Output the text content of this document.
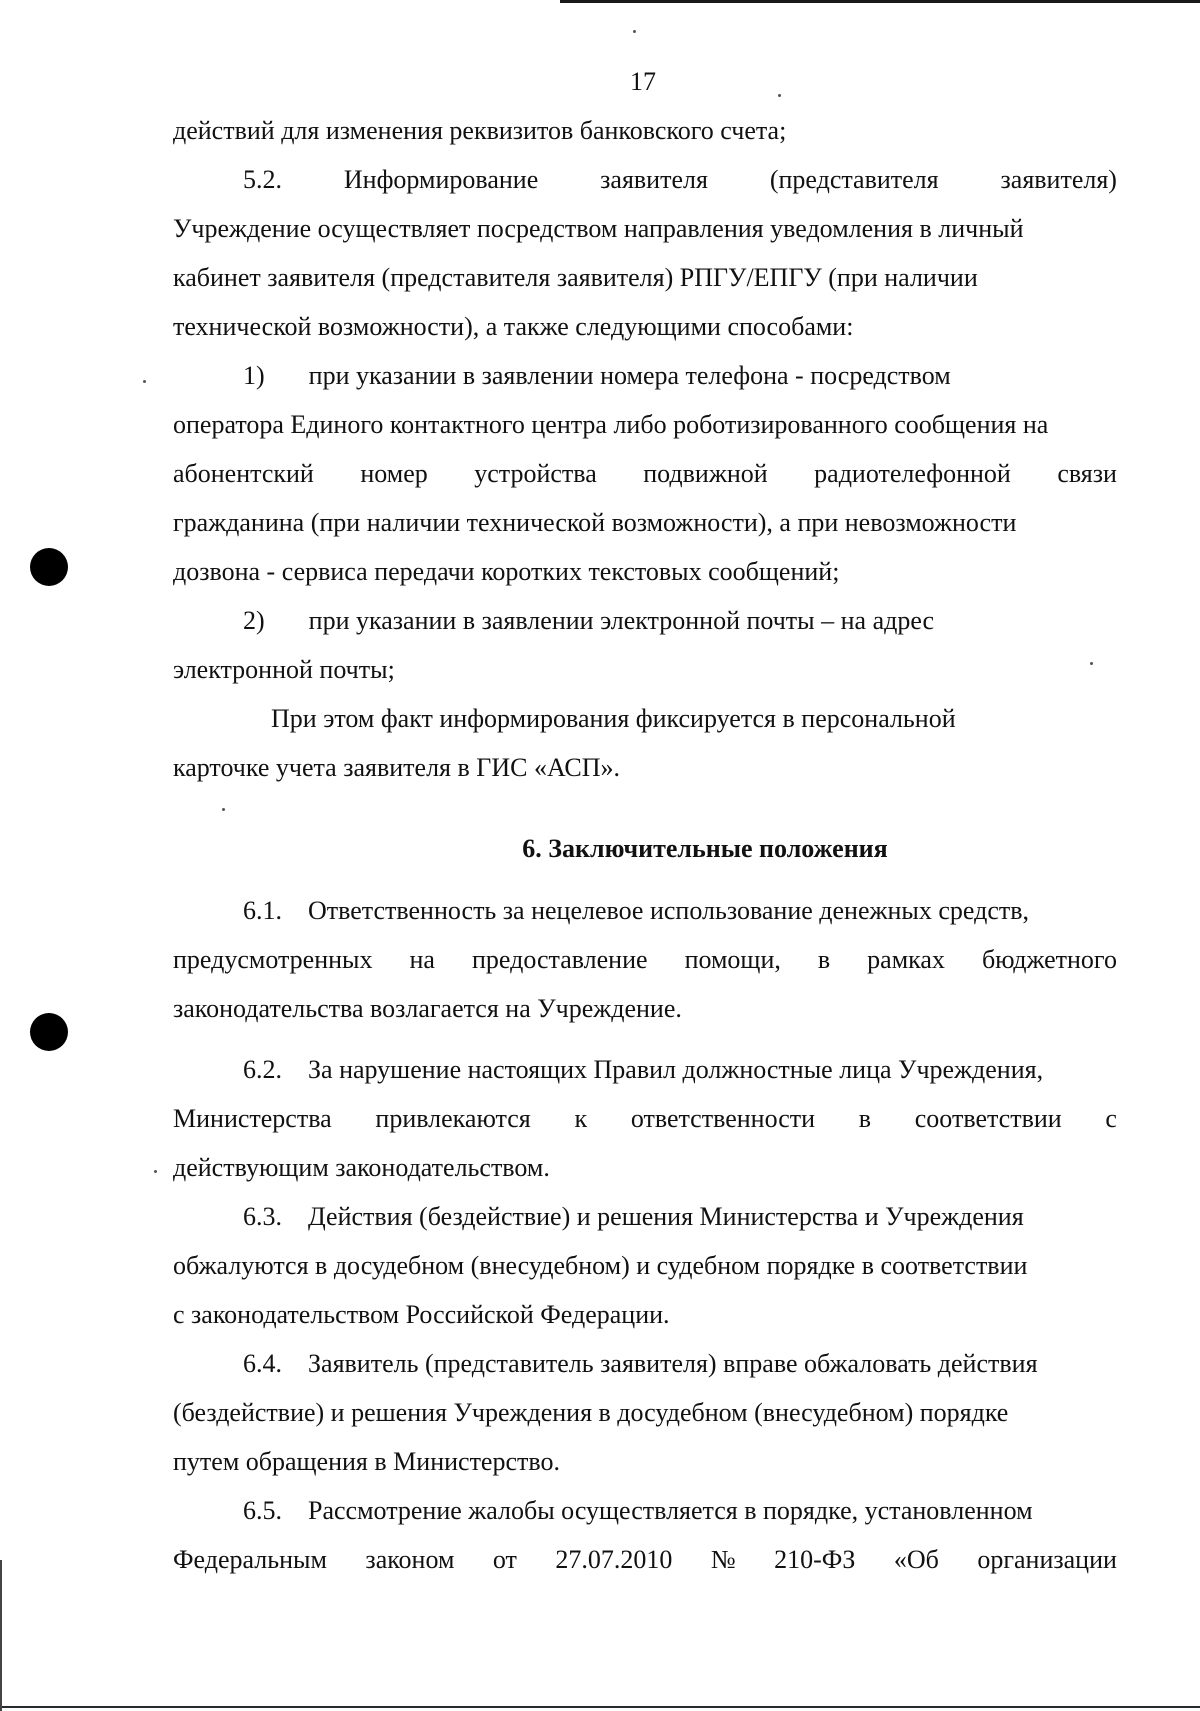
17
действий для изменения реквизитов банковского счета;
5.2. Информирование заявителя (представителя заявителя)
Учреждение осуществляет посредством направления уведомления в личный
кабинет заявителя (представителя заявителя) РПГУ/ЕПГУ (при наличии
технической возможности), а также следующими способами:
1) при указании в заявлении номера телефона - посредством
оператора Единого контактного центра либо роботизированного сообщения на
абонентский номер устройства подвижной радиотелефонной связи
гражданина (при наличии технической возможности), а при невозможности
дозвона - сервиса передачи коротких текстовых сообщений;
2) при указании в заявлении электронной почты – на адрес
электронной почты;
При этом факт информирования фиксируется в персональной
карточке учета заявителя в ГИС «АСП».
6. Заключительные положения
6.1. Ответственность за нецелевое использование денежных средств,
предусмотренных на предоставление помощи, в рамках бюджетного
законодательства возлагается на Учреждение.
6.2. За нарушение настоящих Правил должностные лица Учреждения,
Министерства привлекаются к ответственности в соответствии с
действующим законодательством.
6.3. Действия (бездействие) и решения Министерства и Учреждения
обжалуются в досудебном (внесудебном) и судебном порядке в соответствии
с законодательством Российской Федерации.
6.4. Заявитель (представитель заявителя) вправе обжаловать действия
(бездействие) и решения Учреждения в досудебном (внесудебном) порядке
путем обращения в Министерство.
6.5. Рассмотрение жалобы осуществляется в порядке, установленном
Федеральным законом от 27.07.2010 № 210-ФЗ «Об организации
